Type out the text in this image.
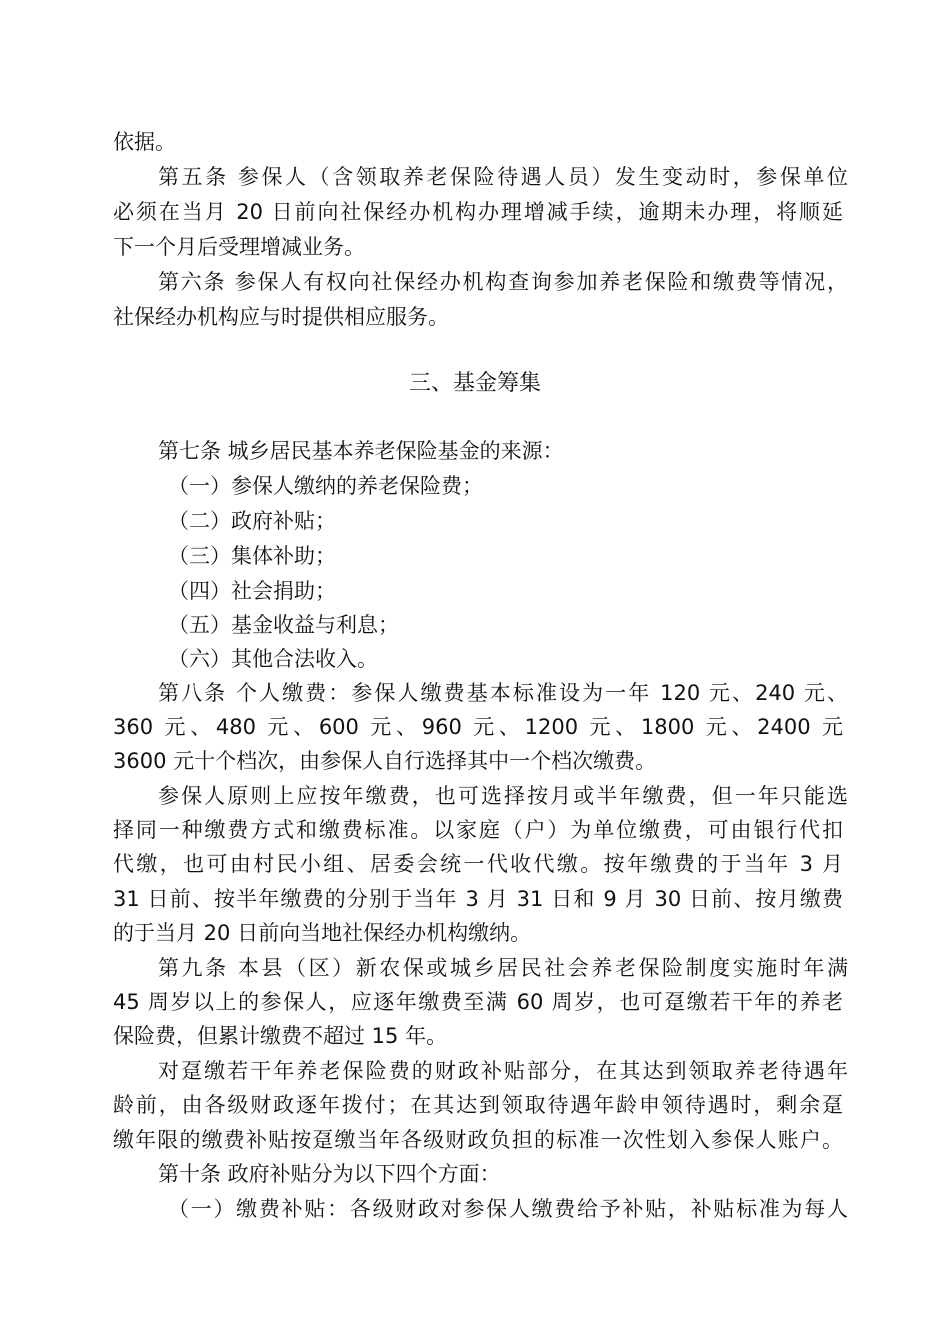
依据。
第五条 参保人（含领取养老保险待遇人员）发生变动时，参保单位
必须在当月 20 日前向社保经办机构办理增减手续，逾期未办理，将顺延
下一个月后受理增减业务。
第六条 参保人有权向社保经办机构查询参加养老保险和缴费等情况，
社保经办机构应与时提供相应服务。
三、基金筹集
第七条 城乡居民基本养老保险基金的来源：
（一）参保人缴纳的养老保险费；
（二）政府补贴；
（三）集体补助；
（四）社会捐助；
（五）基金收益与利息；
（六）其他合法收入。
第八条 个人缴费：参保人缴费基本标准设为一年 120 元、240 元、
360 元、480 元、600 元、960 元、1200 元、1800 元、2400 元
3600 元十个档次，由参保人自行选择其中一个档次缴费。
参保人原则上应按年缴费，也可选择按月或半年缴费，但一年只能选
择同一种缴费方式和缴费标准。以家庭（户）为单位缴费，可由银行代扣
代缴，也可由村民小组、居委会统一代收代缴。按年缴费的于当年 3 月
31 日前、按半年缴费的分别于当年 3 月 31 日和 9 月 30 日前、按月缴费
的于当月 20 日前向当地社保经办机构缴纳。
第九条 本县（区）新农保或城乡居民社会养老保险制度实施时年满
45 周岁以上的参保人，应逐年缴费至满 60 周岁，也可趸缴若干年的养老
保险费，但累计缴费不超过 15 年。
对趸缴若干年养老保险费的财政补贴部分，在其达到领取养老待遇年
龄前，由各级财政逐年拨付；在其达到领取待遇年龄申领待遇时，剩余趸
缴年限的缴费补贴按趸缴当年各级财政负担的标准一次性划入参保人账户。
第十条 政府补贴分为以下四个方面：
（一）缴费补贴：各级财政对参保人缴费给予补贴，补贴标准为每人
